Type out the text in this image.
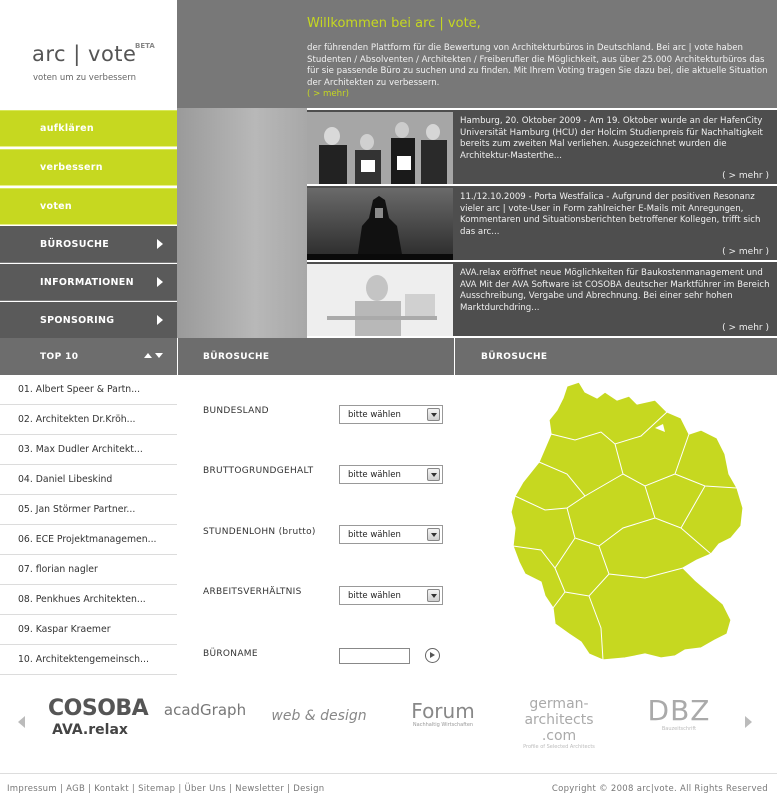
arc | vote
BETA
voten um zu verbessern
Willkommen bei arc | vote,
der führenden Plattform für die Bewertung von Architekturbüros in Deutschland. Bei arc | vote haben Studenten / Absolventen / Architekten / Freiberufler die Möglichkeit, aus über 25.000 Architekturbüros das für sie passende Büro zu suchen und zu finden. Mit Ihrem Voting tragen Sie dazu bei, die aktuelle Situation der Architekten zu verbessern.
( > mehr)
aufklären
verbessern
voten
BÜROSUCHE
INFORMATIONEN
SPONSORING
Hamburg, 20. Oktober 2009 - Am 19. Oktober wurde an der HafenCity Universität Hamburg (HCU) der Holcim Studienpreis für Nachhaltigkeit bereits zum zweiten Mal verliehen. Ausgezeichnet wurden die Architektur-Masterthe...
( > mehr )
11./12.10.2009 - Porta Westfalica - Aufgrund der positiven Resonanz vieler arc | vote-User in Form zahlreicher E-Mails mit Anregungen, Kommentaren und Situationsberichten betroffener Kollegen, trifft sich das arc...
( > mehr )
AVA.relax eröffnet neue Möglichkeiten für Baukostenmanagement und AVA Mit der AVA Software ist COSOBA deutscher Marktführer im Bereich Ausschreibung, Vergabe und Abrechnung. Bei einer sehr hohen Marktdurchdring...
( > mehr )
TOP 10	BÜROSUCHE	BÜROSUCHE
01. Albert Speer & Partn...
02. Architekten Dr.Kröh...
03. Max Dudler Architekt...
04. Daniel Libeskind
05. Jan Störmer Partner...
06. ECE Projektmanagemen...
07. florian nagler
08. Penkhues Architekten...
09. Kaspar Kraemer
10. Architektengemeinsch...
BUNDESLAND	bitte wählen
BRUTTOGRUNDGEHALT	bitte wählen
STUNDENLOHN (brutto)	bitte wählen
ARBEITSVERHÄLTNIS	bitte wählen
BÜRONAME
COSOBA
AVA.relax
acadGraph	web & design	Forum
Nachhaltig Wirtschaften
german-
architects
.com
Profile of Selected Architects
DBZ
Bauzeitschrift
Impressum | AGB | Kontakt | Sitemap | Über Uns | Newsletter | Design	Copyright © 2008 arc|vote. All Rights Reserved
